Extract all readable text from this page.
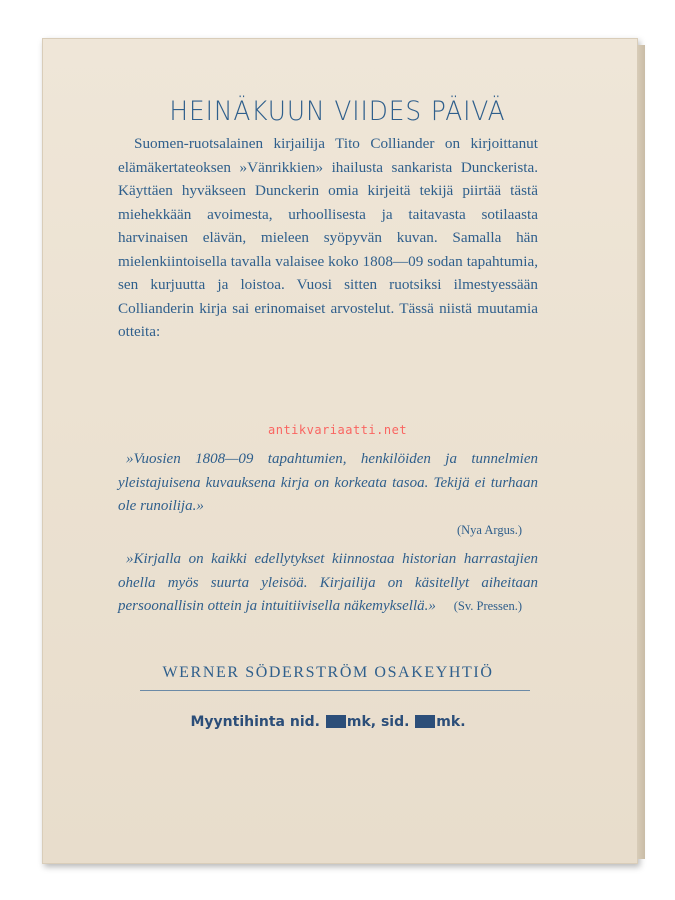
HEINÄKUUN VIIDES PÄIVÄ

Suomen-ruotsalainen kirjailija Tito Colliander on kirjoittanut elämäkertateoksen »Vänrikkien» ihailusta sankarista Dunckerista. Käyttäen hyväkseen Dunckerin omia kirjeitä tekijä piirtää tästä miehekkään avoimesta, urhoollisesta ja taitavasta sotilaasta harvinaisen elävän, mieleen syöpyvän kuvan. Samalla hän mielenkiintoisella tavalla valaisee koko 1808—09 sodan tapahtumia, sen kurjuutta ja loistoa. Vuosi sitten ruotsiksi ilmestyessään Collianderin kirja sai erinomaiset arvostelut. Tässä niistä muutamia otteita:

»Vuosien 1808—09 tapahtumien, henkilöiden ja tunnelmien yleistajuisena kuvauksena kirja on korkeata tasoa. Tekijä ei turhaan ole runoilija.»

(Nya Argus.)

»Kirjalla on kaikki edellytykset kiinnostaa historian harrastajien ohella myös suurta yleisöä. Kirjailija on käsitellyt aiheitaan persoonallisin ottein ja intuitiivisella näkemyksellä.»	(Sv. Pressen.)

WERNER SÖDERSTRÖM OSAKEYHTIÖ
Myyntihinta nid. mk, sid. mk.
antikvariaatti.net
